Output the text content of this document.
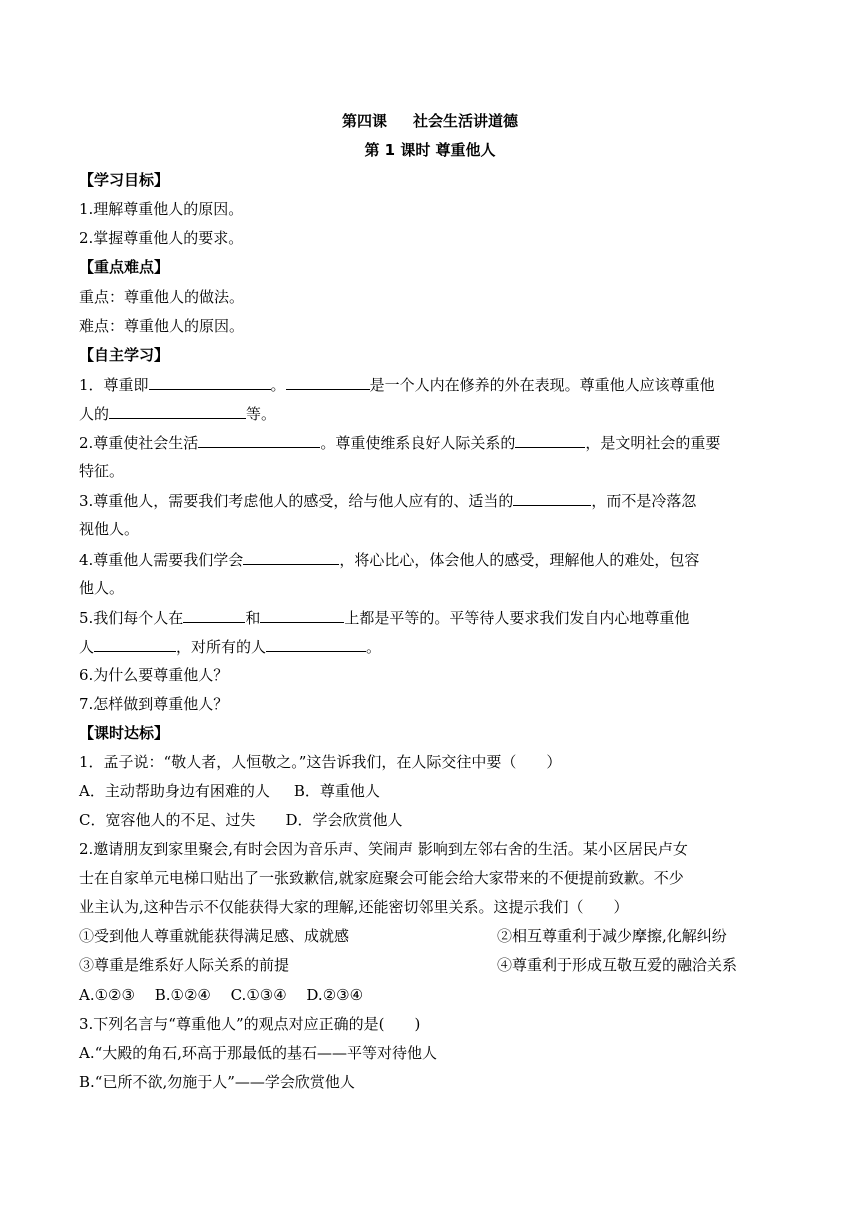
第四课 社会生活讲道德
第 1 课时 尊重他人
【学习目标】
1.理解尊重他人的原因。
2.掌握尊重他人的要求。
【重点难点】
重点：尊重他人的做法。
难点：尊重他人的原因。
【自主学习】
1．尊重即	。	是一个人内在修养的外在表现。尊重他人应该尊重他
人的	等。
2.尊重使社会生活	。尊重使维系良好人际关系的	，是文明社会的重要
特征。
3.尊重他人，需要我们考虑他人的感受，给与他人应有的、适当的	，而不是冷落忽
视他人。
4.尊重他人需要我们学会	，将心比心，体会他人的感受，理解他人的难处，包容
他人。
5.我们每个人在	和	上都是平等的。平等待人要求我们发自内心地尊重他
人	，对所有的人	。
6.为什么要尊重他人？
7.怎样做到尊重他人？
【课时达标】
1．孟子说：“敬人者，人恒敬之。”这告诉我们，在人际交往中要（　　）
A．主动帮助身边有困难的人 B．尊重他人
C．宽容他人的不足、过失 D．学会欣赏他人
2.邀请朋友到家里聚会,有时会因为音乐声、笑闹声 影响到左邻右舍的生活。某小区居民卢女
士在自家单元电梯口贴出了一张致歉信,就家庭聚会可能会给大家带来的不便提前致歉。不少
业主认为,这种告示不仅能获得大家的理解,还能密切邻里关系。这提示我们（　　）
①受到他人尊重就能获得满足感、成就感	②相互尊重利于减少摩擦,化解纠纷
③尊重是维系好人际关系的前提	④尊重利于形成互敬互爱的融洽关系
A.①②③　 B.①②④　 C.①③④　 D.②③④
3.下列名言与“尊重他人”的观点对应正确的是(　　)
A.“大殿的角石,环高于那最低的基石——平等对待他人
B.“已所不欲,勿施于人”——学会欣赏他人
